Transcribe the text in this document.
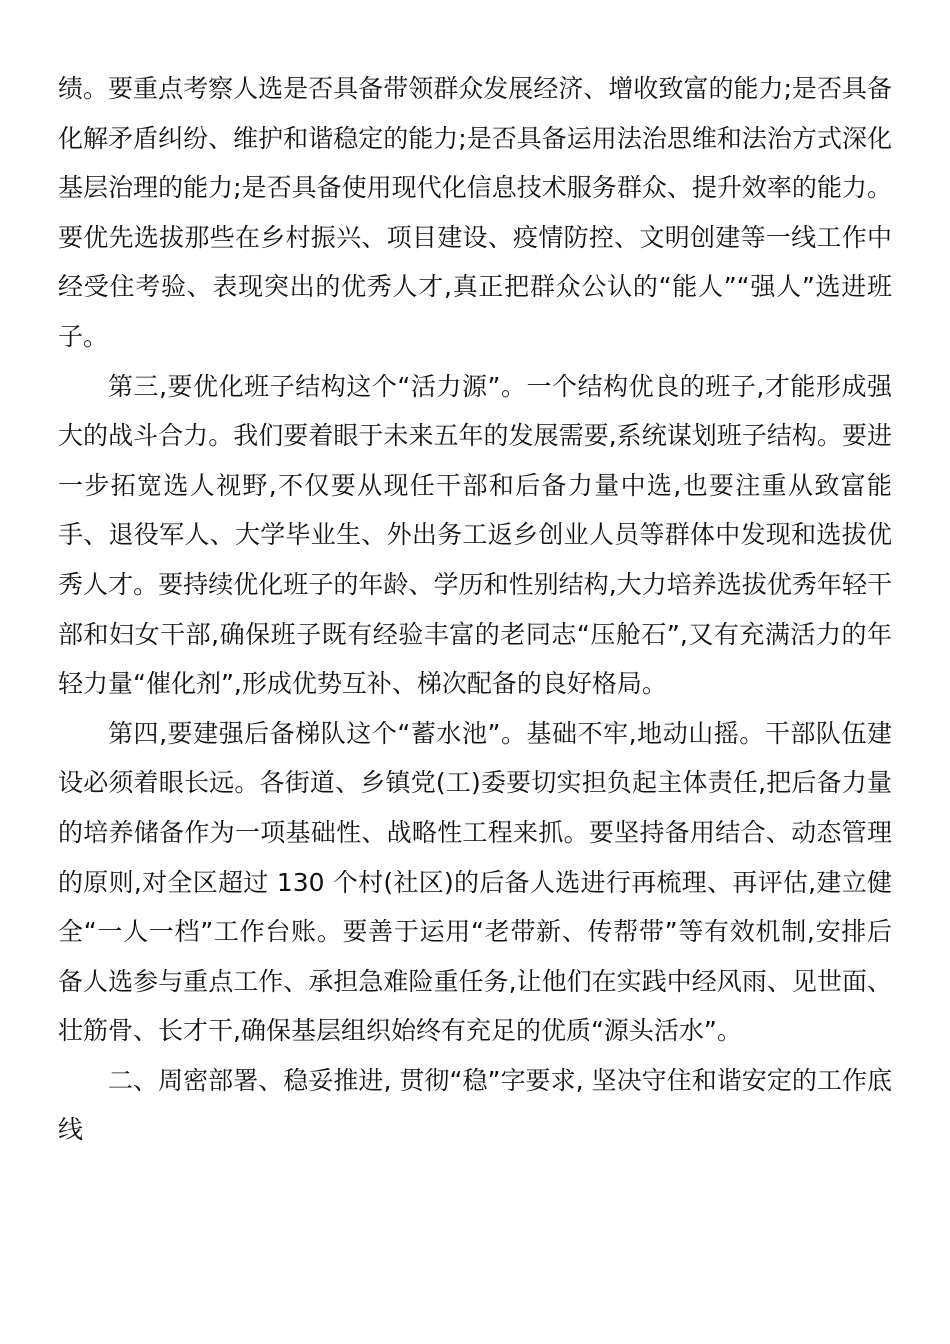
绩。要重点考察人选是否具备带领群众发展经济、增收致富的能力;是否具备化解矛盾纠纷、维护和谐稳定的能力;是否具备运用法治思维和法治方式深化基层治理的能力;是否具备使用现代化信息技术服务群众、提升效率的能力。要优先选拔那些在乡村振兴、项目建设、疫情防控、文明创建等一线工作中经受住考验、表现突出的优秀人才,真正把群众公认的“能人”“强人”选进班子。

第三,要优化班子结构这个“活力源”。一个结构优良的班子,才能形成强大的战斗合力。我们要着眼于未来五年的发展需要,系统谋划班子结构。要进一步拓宽选人视野,不仅要从现任干部和后备力量中选,也要注重从致富能手、退役军人、大学毕业生、外出务工返乡创业人员等群体中发现和选拔优秀人才。要持续优化班子的年龄、学历和性别结构,大力培养选拔优秀年轻干部和妇女干部,确保班子既有经验丰富的老同志“压舱石”,又有充满活力的年轻力量“催化剂”,形成优势互补、梯次配备的良好格局。

第四,要建强后备梯队这个“蓄水池”。基础不牢,地动山摇。干部队伍建设必须着眼长远。各街道、乡镇党(工)委要切实担负起主体责任,把后备力量的培养储备作为一项基础性、战略性工程来抓。要坚持备用结合、动态管理的原则,对全区超过 130 个村(社区)的后备人选进行再梳理、再评估,建立健全“一人一档”工作台账。要善于运用“老带新、传帮带”等有效机制,安排后备人选参与重点工作、承担急难险重任务,让他们在实践中经风雨、见世面、壮筋骨、长才干,确保基层组织始终有充足的优质“源头活水”。

二、周密部署、稳妥推进, 贯彻“稳”字要求, 坚决守住和谐安定的工作底线
